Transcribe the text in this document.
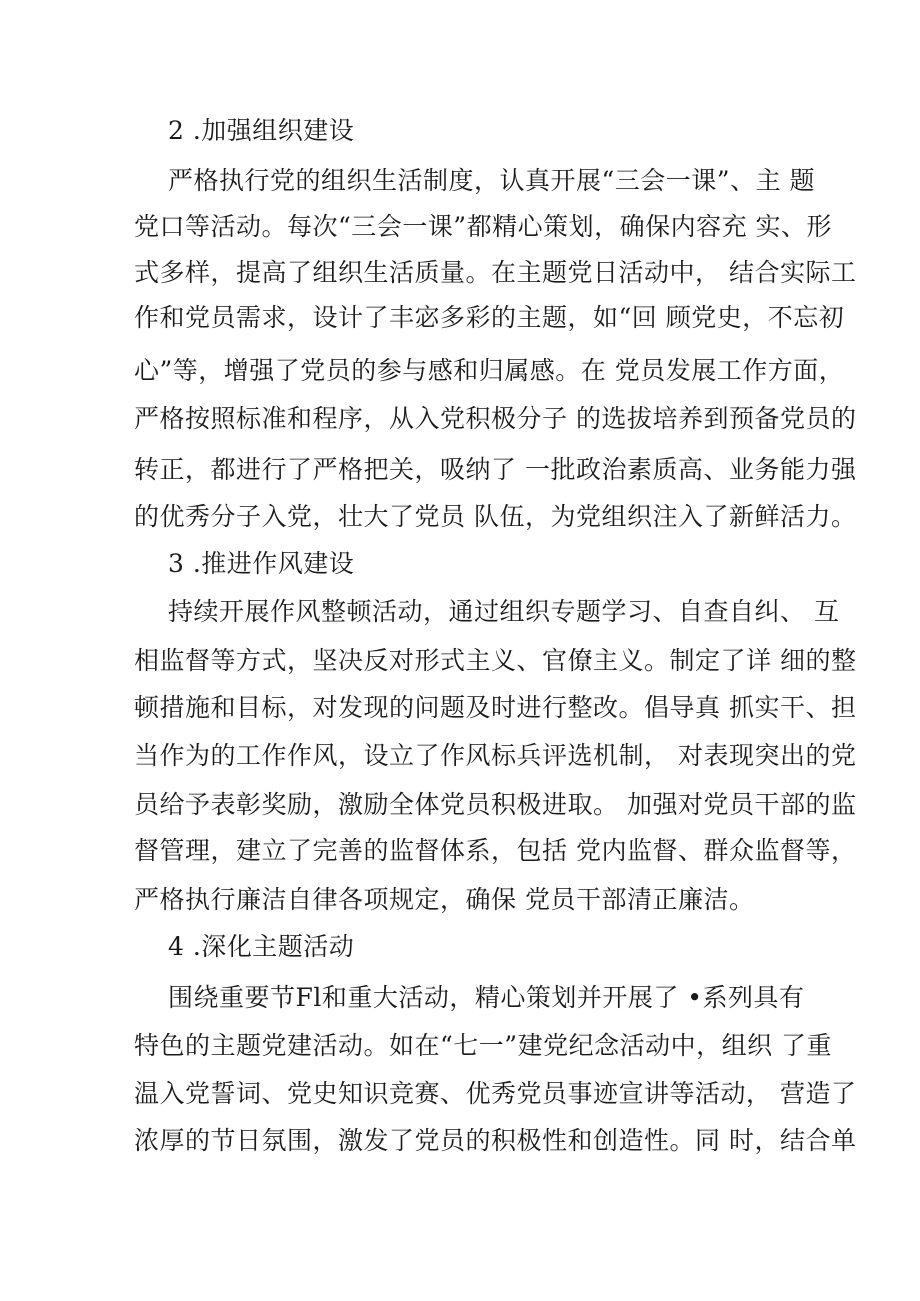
2 .加强组织建设
严格执行党的组织生活制度，认真开展“三会一课”、主 题
党口等活动。每次“三会一课”都精心策划，确保内容充 实、形
式多样，提高了组织生活质量。在主题党日活动中， 结合实际工
作和党员需求，设计了丰宓多彩的主题，如“回 顾党史，不忘初
心”等，增强了党员的参与感和归属感。在 党员发展工作方面，
严格按照标准和程序，从入党积极分子 的选拔培养到预备党员的
转正，都进行了严格把关，吸纳了 一批政治素质高、业务能力强
的优秀分子入党，壮大了党员 队伍，为党组织注入了新鲜活力。
3 .推进作风建设
持续开展作风整顿活动，通过组织专题学习、自查自纠、 互
相监督等方式，坚决反对形式主义、官僚主义。制定了详 细的整
顿措施和目标，对发现的问题及时进行整改。倡导真 抓实干、担
当作为的工作作风，设立了作风标兵评选机制， 对表现突出的党
员给予表彰奖励，激励全体党员积极进取。 加强对党员干部的监
督管理，建立了完善的监督体系，包括 党内监督、群众监督等，
严格执行廉洁自律各项规定，确保 党员干部清正廉洁。
4 .深化主题活动
围绕重要节Fl和重大活动，精心策划并开展了 •系列具有
特色的主题党建活动。如在“七一”建党纪念活动中，组织 了重
温入党誓词、党史知识竞赛、优秀党员事迹宣讲等活动， 营造了
浓厚的节日氛围，激发了党员的积极性和创造性。同 时，结合单
